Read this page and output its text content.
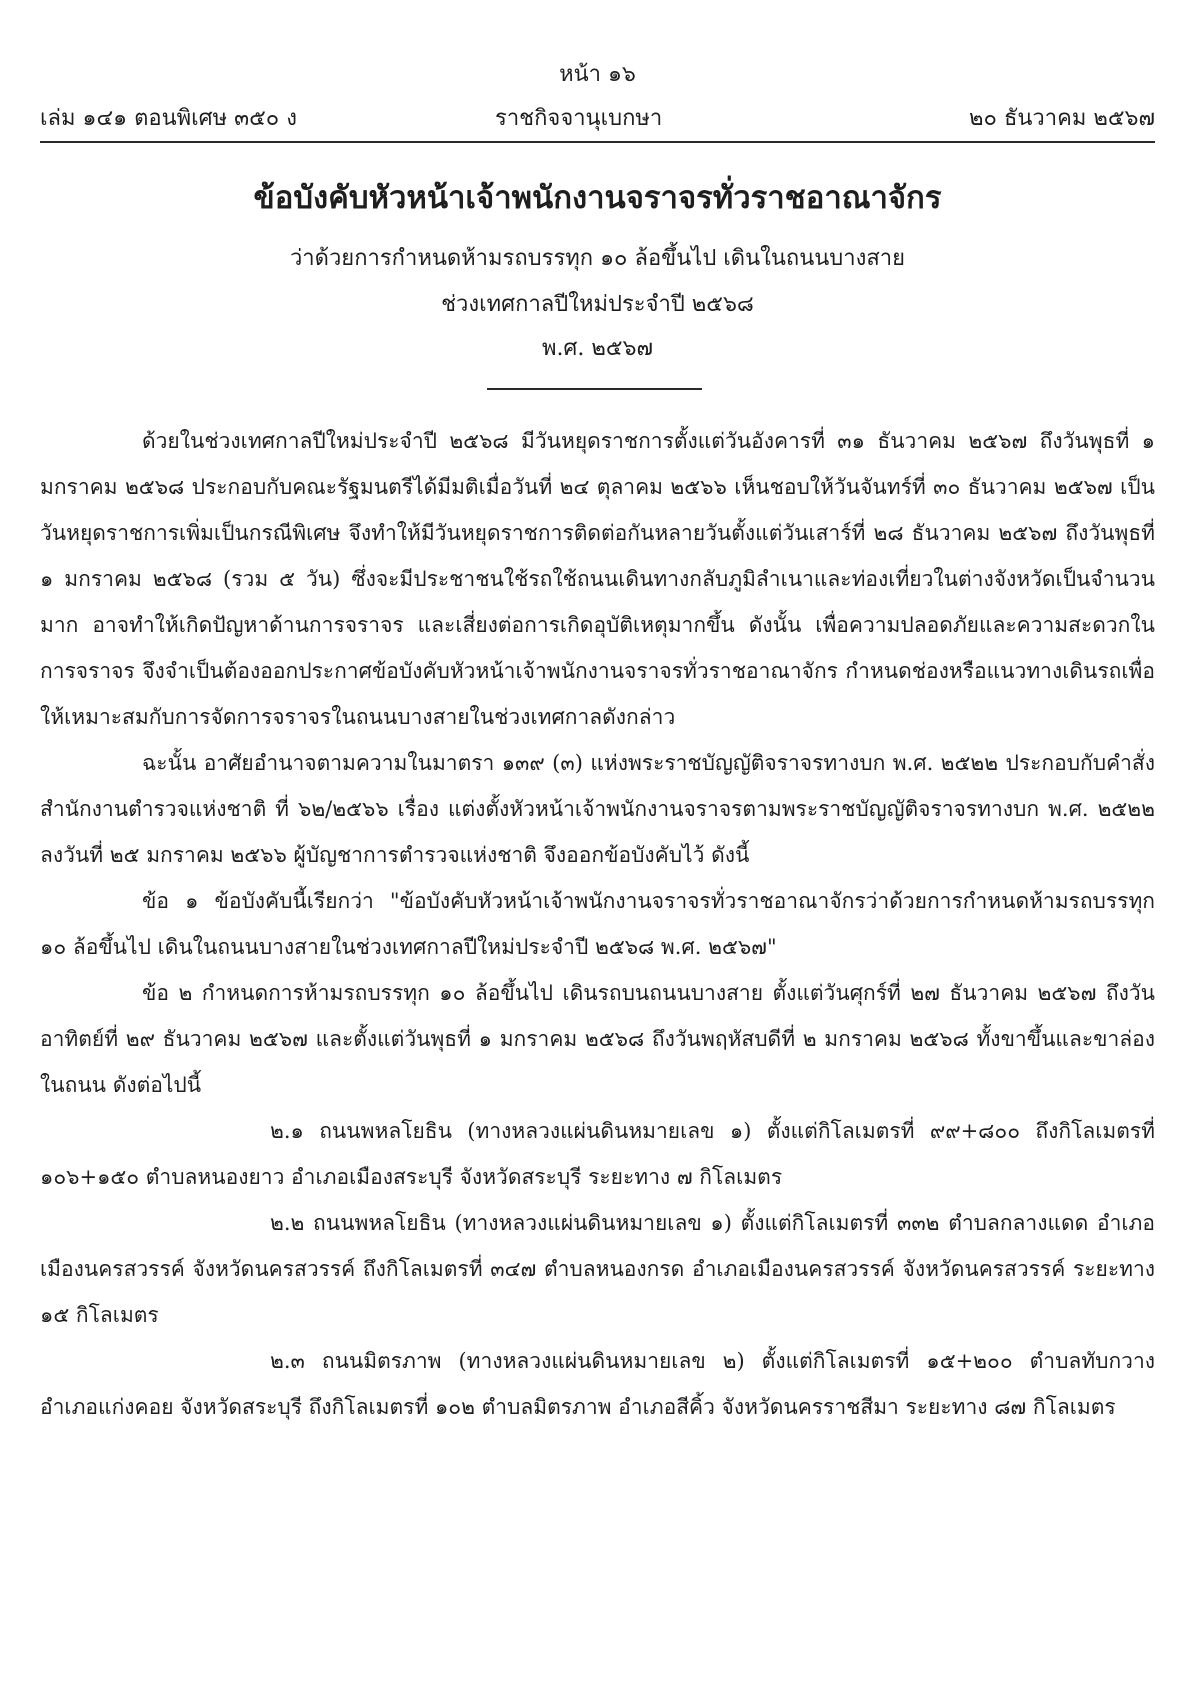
หน้า ๑๖
เล่ม ๑๔๑ ตอนพิเศษ ๓๕๐ ง	ราชกิจจานุเบกษา	๒๐ ธันวาคม ๒๕๖๗
ข้อบังคับหัวหน้าเจ้าพนักงานจราจรทั่วราชอาณาจักร
ว่าด้วยการกำหนดห้ามรถบรรทุก ๑๐ ล้อขึ้นไป เดินในถนนบางสาย
ช่วงเทศกาลปีใหม่ประจำปี ๒๕๖๘
พ.ศ. ๒๕๖๗

ด้วยในช่วงเทศกาลปีใหม่ประจำปี ๒๕๖๘ มีวันหยุดราชการตั้งแต่วันอังคารที่ ๓๑ ธันวาคม ๒๕๖๗ ถึงวันพุธที่ ๑ มกราคม ๒๕๖๘ ประกอบกับคณะรัฐมนตรีได้มีมติเมื่อวันที่ ๒๔ ตุลาคม ๒๕๖๖ เห็นชอบให้วันจันทร์ที่ ๓๐ ธันวาคม ๒๕๖๗ เป็นวันหยุดราชการเพิ่มเป็นกรณีพิเศษ จึงทำให้มีวันหยุดราชการติดต่อกันหลายวันตั้งแต่วันเสาร์ที่ ๒๘ ธันวาคม ๒๕๖๗ ถึงวันพุธที่ ๑ มกราคม ๒๕๖๘ (รวม ๕ วัน) ซึ่งจะมีประชาชนใช้รถใช้ถนนเดินทางกลับภูมิลำเนาและท่องเที่ยวในต่างจังหวัดเป็นจำนวนมาก อาจทำให้เกิดปัญหาด้านการจราจร และเสี่ยงต่อการเกิดอุบัติเหตุมากขึ้น ดังนั้น เพื่อความปลอดภัยและความสะดวกในการจราจร จึงจำเป็นต้องออกประกาศข้อบังคับหัวหน้าเจ้าพนักงานจราจรทั่วราชอาณาจักร กำหนดช่องหรือแนวทางเดินรถเพื่อให้เหมาะสมกับการจัดการจราจรในถนนบางสายในช่วงเทศกาลดังกล่าว

ฉะนั้น อาศัยอำนาจตามความในมาตรา ๑๓๙ (๓) แห่งพระราชบัญญัติจราจรทางบก พ.ศ. ๒๕๒๒ ประกอบกับคำสั่งสำนักงานตำรวจแห่งชาติ ที่ ๖๒/๒๕๖๖ เรื่อง แต่งตั้งหัวหน้าเจ้าพนักงานจราจรตามพระราชบัญญัติจราจรทางบก พ.ศ. ๒๕๒๒ ลงวันที่ ๒๕ มกราคม ๒๕๖๖ ผู้บัญชาการตำรวจแห่งชาติ จึงออกข้อบังคับไว้ ดังนี้

ข้อ ๑ ข้อบังคับนี้เรียกว่า "ข้อบังคับหัวหน้าเจ้าพนักงานจราจรทั่วราชอาณาจักรว่าด้วยการกำหนดห้ามรถบรรทุก ๑๐ ล้อขึ้นไป เดินในถนนบางสายในช่วงเทศกาลปีใหม่ประจำปี ๒๕๖๘ พ.ศ. ๒๕๖๗"

ข้อ ๒ กำหนดการห้ามรถบรรทุก ๑๐ ล้อขึ้นไป เดินรถบนถนนบางสาย ตั้งแต่วันศุกร์ที่ ๒๗ ธันวาคม ๒๕๖๗ ถึงวันอาทิตย์ที่ ๒๙ ธันวาคม ๒๕๖๗ และตั้งแต่วันพุธที่ ๑ มกราคม ๒๕๖๘ ถึงวันพฤหัสบดีที่ ๒ มกราคม ๒๕๖๘ ทั้งขาขึ้นและขาล่อง ในถนน ดังต่อไปนี้

๒.๑ ถนนพหลโยธิน (ทางหลวงแผ่นดินหมายเลข ๑) ตั้งแต่กิโลเมตรที่ ๙๙+๘๐๐ ถึงกิโลเมตรที่ ๑๐๖+๑๕๐ ตำบลหนองยาว อำเภอเมืองสระบุรี จังหวัดสระบุรี ระยะทาง ๗ กิโลเมตร

๒.๒ ถนนพหลโยธิน (ทางหลวงแผ่นดินหมายเลข ๑) ตั้งแต่กิโลเมตรที่ ๓๓๒ ตำบลกลางแดด อำเภอเมืองนครสวรรค์ จังหวัดนครสวรรค์ ถึงกิโลเมตรที่ ๓๔๗ ตำบลหนองกรด อำเภอเมืองนครสวรรค์ จังหวัดนครสวรรค์ ระยะทาง ๑๕ กิโลเมตร

๒.๓ ถนนมิตรภาพ (ทางหลวงแผ่นดินหมายเลข ๒) ตั้งแต่กิโลเมตรที่ ๑๕+๒๐๐ ตำบลทับกวาง อำเภอแก่งคอย จังหวัดสระบุรี ถึงกิโลเมตรที่ ๑๐๒ ตำบลมิตรภาพ อำเภอสีคิ้ว จังหวัดนครราชสีมา ระยะทาง ๘๗ กิโลเมตร
